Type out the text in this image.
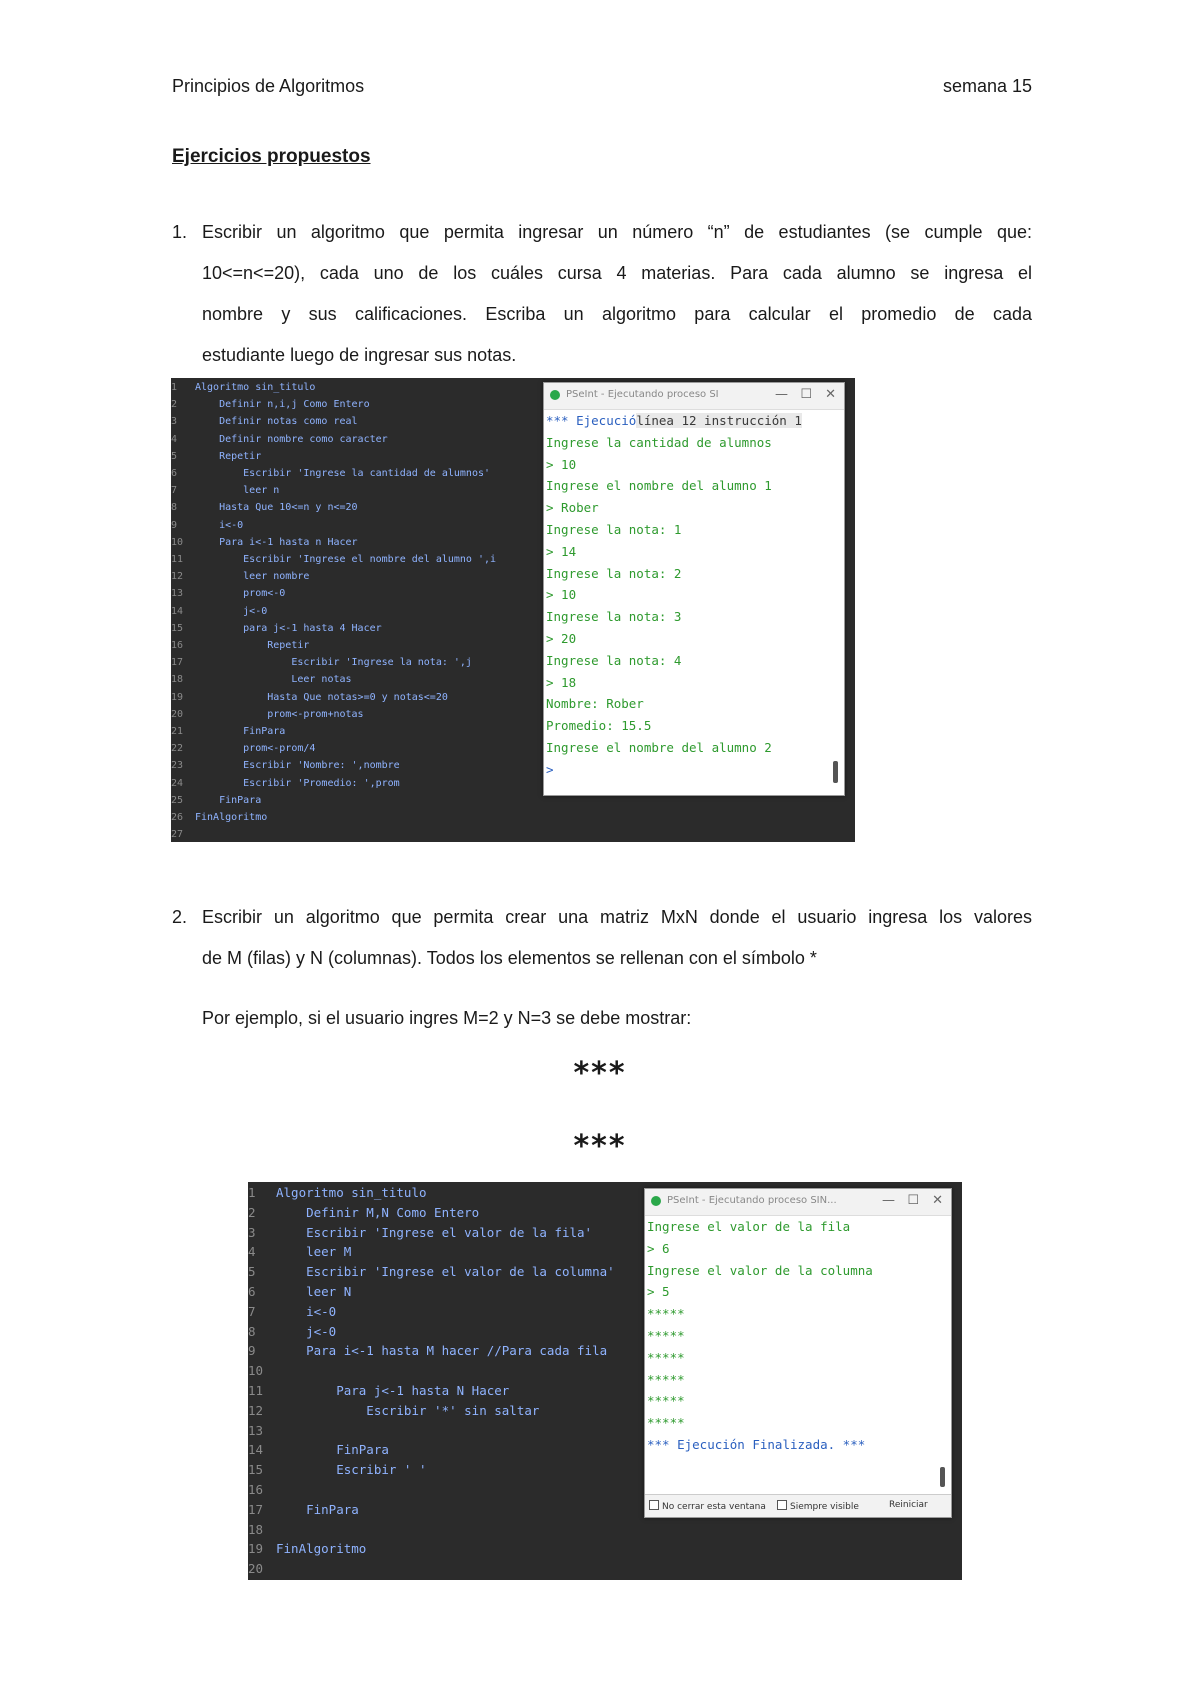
Principios de Algoritmos	semana 15
Ejercicios propuestos
1. Escribir un algoritmo que permita ingresar un número “n” de estudiantes (se cumple que:
10<=n<=20), cada uno de los cuáles cursa 4 materias. Para cada alumno se ingresa el
nombre y sus calificaciones. Escriba un algoritmo para calcular el promedio de cada
estudiante luego de ingresar sus notas.
1 Algoritmo sin_titulo
2    Definir n,i,j Como Entero
3    Definir notas como real
4    Definir nombre como caracter
5    Repetir
6        Escribir 'Ingrese la cantidad de alumnos'
7        leer n
8    Hasta Que 10<=n y n<=20
9    i<-0
10    Para i<-1 hasta n Hacer
11        Escribir 'Ingrese el nombre del alumno ',i
12        leer nombre
13        prom<-0
14        j<-0
15        para j<-1 hasta 4 Hacer
16            Repetir
17                Escribir 'Ingrese la nota: ',j
18                Leer notas
19            Hasta Que notas>=0 y notas<=20
20            prom<-prom+notas
21        FinPara
22        prom<-prom/4
23        Escribir 'Nombre: ',nombre
24        Escribir 'Promedio: ',prom
25    FinPara
26 FinAlgoritmo
27
PSeInt - Ejecutando proceso SI	— ☐ ✕
*** Ejecuciólínea 12 instrucción 1
Ingrese la cantidad de alumnos
> 10
Ingrese el nombre del alumno 1
> Rober
Ingrese la nota: 1
> 14
Ingrese la nota: 2
> 10
Ingrese la nota: 3
> 20
Ingrese la nota: 4
> 18
Nombre: Rober
Promedio: 15.5
Ingrese el nombre del alumno 2
>
2. Escribir un algoritmo que permita crear una matriz MxN donde el usuario ingresa los valores
de M (filas) y N (columnas). Todos los elementos se rellenan con el símbolo *
Por ejemplo, si el usuario ingres M=2 y N=3 se debe mostrar:
***
***
1 Algoritmo sin_titulo
2    Definir M,N Como Entero
3    Escribir 'Ingrese el valor de la fila'
4    leer M
5    Escribir 'Ingrese el valor de la columna'
6    leer N
7    i<-0
8    j<-0
9    Para i<-1 hasta M hacer //Para cada fila
10
11        Para j<-1 hasta N Hacer
12            Escribir '*' sin saltar
13
14        FinPara
15        Escribir ' '
16
17    FinPara
18
19 FinAlgoritmo
20
PSeInt - Ejecutando proceso SIN...	— ☐ ✕
Ingrese el valor de la fila
> 6
Ingrese el valor de la columna
> 5
*****
*****
*****
*****
*****
*****
*** Ejecución Finalizada. ***
No cerrar esta ventana	Siempre visible	Reiniciar
